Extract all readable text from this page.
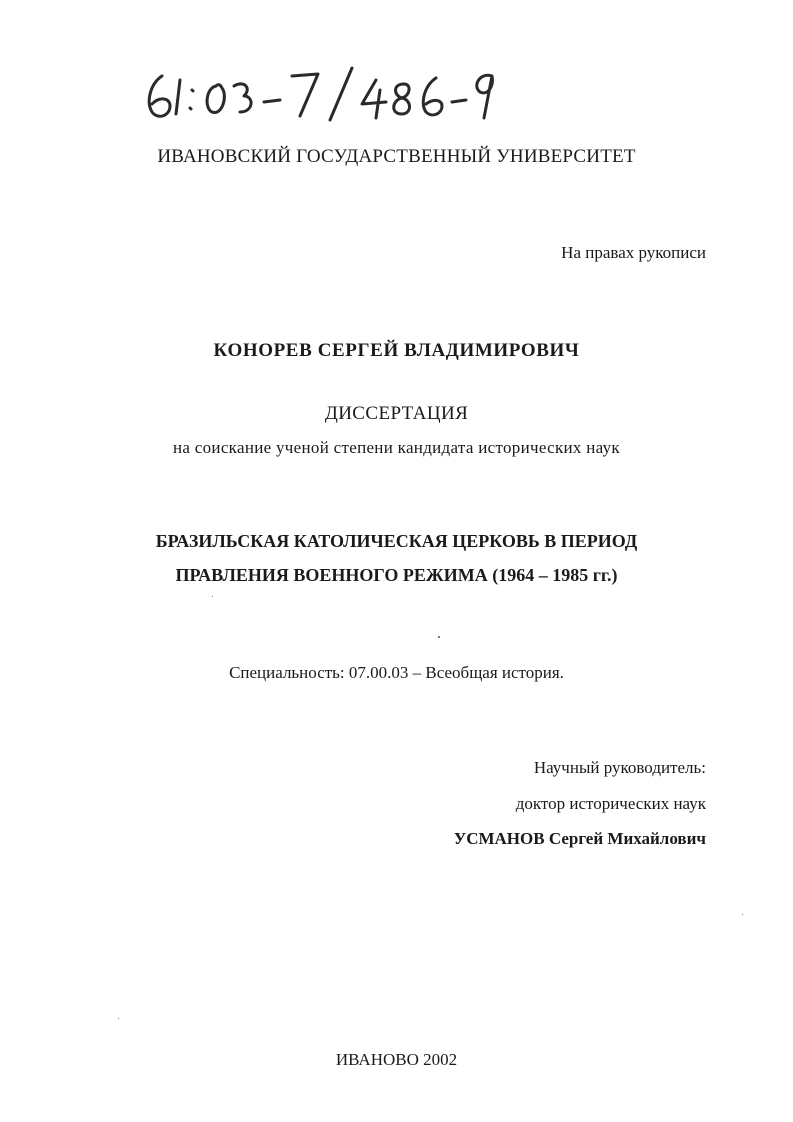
ИВАНОВСКИЙ ГОСУДАРСТВЕННЫЙ УНИВЕРСИТЕТ
На правах рукописи
КОНОРЕВ СЕРГЕЙ ВЛАДИМИРОВИЧ
ДИССЕРТАЦИЯ
на соискание ученой степени кандидата исторических наук
БРАЗИЛЬСКАЯ КАТОЛИЧЕСКАЯ ЦЕРКОВЬ В ПЕРИОД
ПРАВЛЕНИЯ ВОЕННОГО РЕЖИМА (1964 – 1985 гг.)
Специальность: 07.00.03 – Всеобщая история.
Научный руководитель:
доктор исторических наук
УСМАНОВ Сергей Михайлович
ИВАНОВО 2002
